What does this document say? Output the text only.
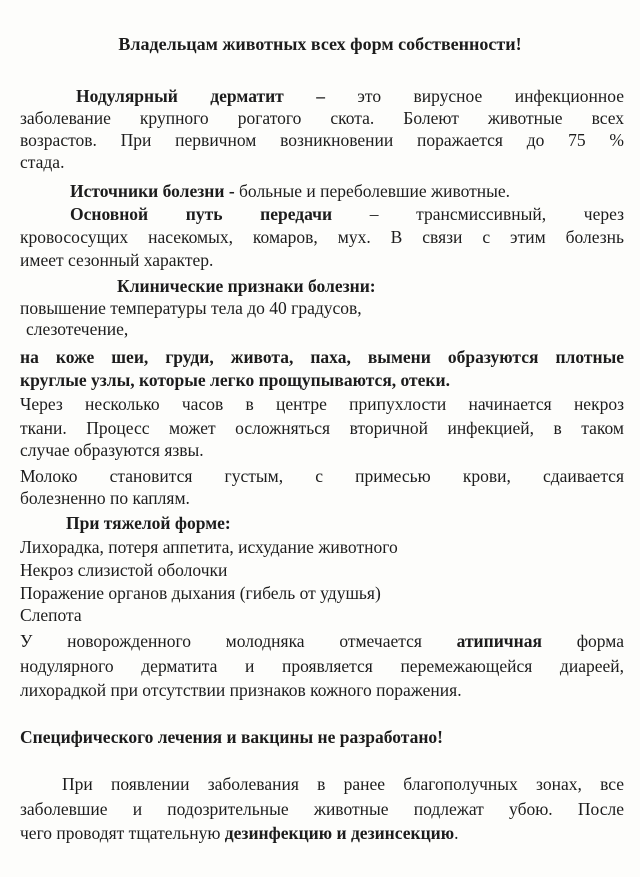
Владельцам животных всех форм собственности!
Нодулярный дерматит – это вирусное инфекционное
заболевание крупного рогатого скота. Болеют животные всех
возрастов. При первичном возникновении поражается до 75 %
стада.
Источники болезни - больные и переболевшие животные.
Основной путь передачи – трансмиссивный, через
кровососущих насекомых, комаров, мух. В связи с этим болезнь
имеет сезонный характер.
Клинические признаки болезни:
повышение температуры тела до 40 градусов,
слезотечение,
на коже шеи, груди, живота, паха, вымени образуются плотные
круглые узлы, которые легко прощупываются, отеки.
Через несколько часов в центре припухлости начинается некроз
ткани. Процесс может осложняться вторичной инфекцией, в таком
случае образуются язвы.
Молоко становится густым, с примесью крови, сдаивается
болезненно по каплям.
При тяжелой форме:
Лихорадка, потеря аппетита, исхудание животного
Некроз слизистой оболочки
Поражение органов дыхания (гибель от удушья)
Слепота
У новорожденного молодняка отмечается атипичная форма
нодулярного дерматита и проявляется перемежающейся диареей,
лихорадкой при отсутствии признаков кожного поражения.
Специфического лечения и вакцины не разработано!
При появлении заболевания в ранее благополучных зонах, все
заболевшие и подозрительные животные подлежат убою. После
чего проводят тщательную дезинфекцию и дезинсекцию.
